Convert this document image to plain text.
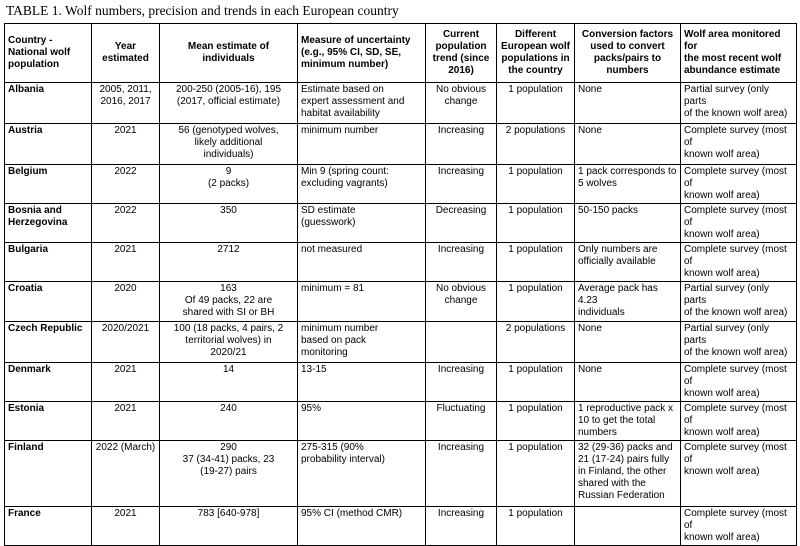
TABLE 1. Wolf numbers, precision and trends in each European country
Country -
National wolf
population	Year estimated	Mean estimate of
individuals	Measure of uncertainty
(e.g., 95% CI, SD, SE,
minimum number)	Current
population
trend (since
2016)	Different
European wolf
populations in
the country	Conversion factors
used to convert
packs/pairs to
numbers	Wolf area monitored for
the most recent wolf
abundance estimate
Albania	2005, 2011,
2016, 2017	200-250 (2005-16), 195
(2017, official estimate)	Estimate based on
expert assessment and
habitat availability	No obvious
change	1 population	None	Partial survey (only parts
of the known wolf area)
Austria	2021	56 (genotyped wolves,
likely additional
individuals)	minimum number	Increasing	2 populations	None	Complete survey (most of
known wolf area)
Belgium	2022	9
(2 packs)	Min 9 (spring count:
excluding vagrants)	Increasing	1 population	1 pack corresponds to
5 wolves	Complete survey (most of
known wolf area)
Bosnia and
Herzegovina	2022	350	SD estimate
(guesswork)	Decreasing	1 population	50-150 packs	Complete survey (most of
known wolf area)
Bulgaria	2021	2712	not measured	Increasing	1 population	Only numbers are
officially available	Complete survey (most of
known wolf area)
Croatia	2020	163
Of 49 packs, 22 are
shared with SI or BH	minimum = 81	No obvious
change	1 population	Average pack has 4.23
individuals	Partial survey (only parts
of the known wolf area)
Czech Republic	2020/2021	100 (18 packs, 4 pairs, 2
territorial wolves) in
2020/21	minimum number
based on pack
monitoring		2 populations	None	Partial survey (only parts
of the known wolf area)
Denmark	2021	14	13-15	Increasing	1 population	None	Complete survey (most of
known wolf area)
Estonia	2021	240	95%	Fluctuating	1 population	1 reproductive pack x
10 to get the total
numbers	Complete survey (most of
known wolf area)
Finland	2022 (March)	290
37 (34-41) packs, 23
(19-27) pairs	275-315 (90%
probability interval)	Increasing	1 population	32 (29-36) packs and
21 (17-24) pairs fully
in Finland, the other
shared with the
Russian Federation	Complete survey (most of
known wolf area)
France	2021	783 [640-978]	95% CI (method CMR)	Increasing	1 population		Complete survey (most of
known wolf area)
